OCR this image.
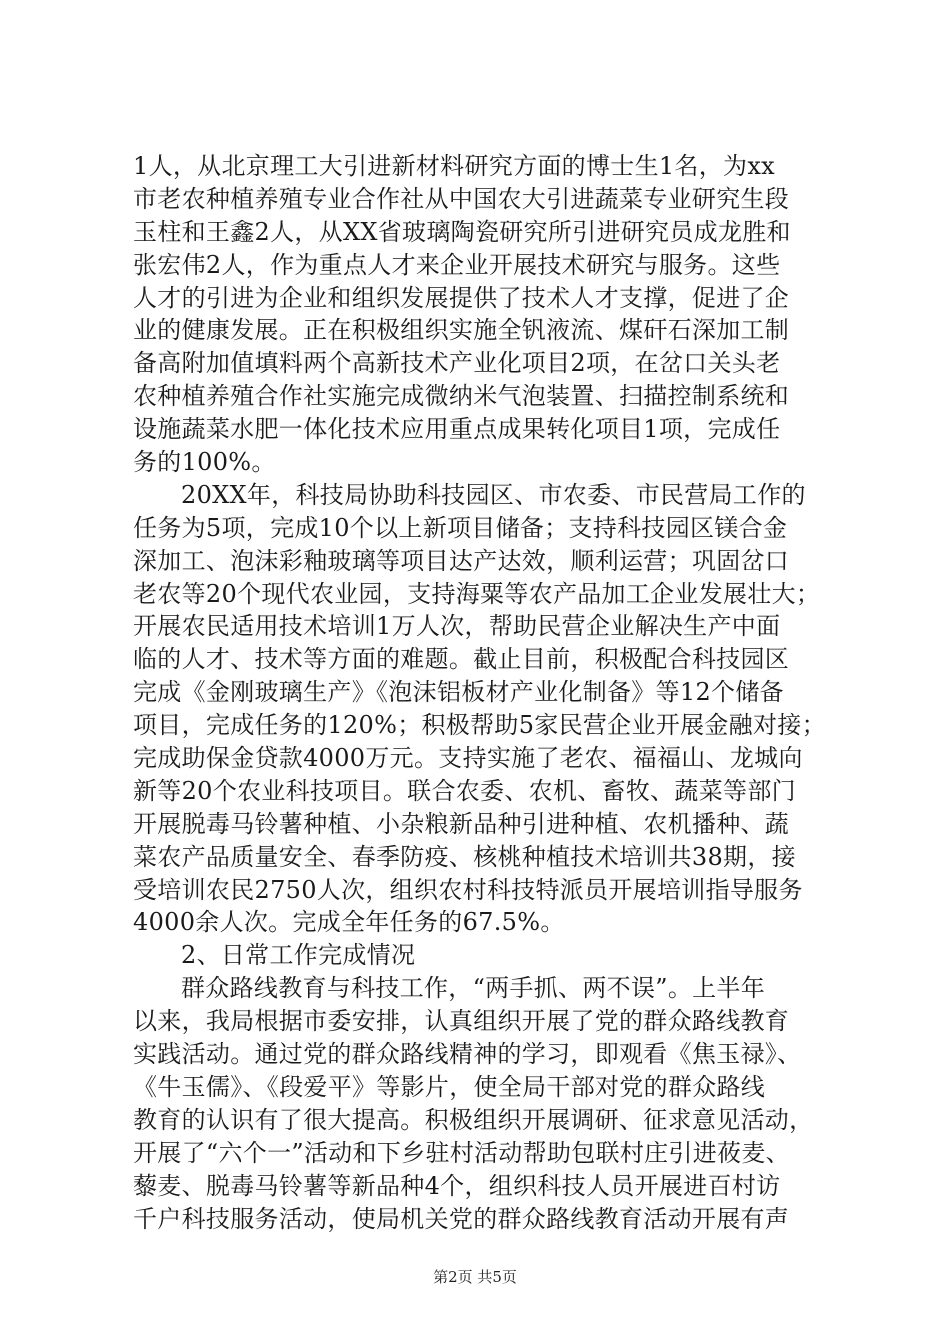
1人，从北京理工大引进新材料研究方面的博士生1名，为xx
市老农种植养殖专业合作社从中国农大引进蔬菜专业研究生段
玉柱和王鑫2人，从XX省玻璃陶瓷研究所引进研究员成龙胜和
张宏伟2人，作为重点人才来企业开展技术研究与服务。这些
人才的引进为企业和组织发展提供了技术人才支撑，促进了企
业的健康发展。正在积极组织实施全钒液流、煤矸石深加工制
备高附加值填料两个高新技术产业化项目2项，在岔口关头老
农种植养殖合作社实施完成微纳米气泡装置、扫描控制系统和
设施蔬菜水肥一体化技术应用重点成果转化项目1项，完成任
务的100%。
20XX年，科技局协助科技园区、市农委、市民营局工作的
任务为5项，完成10个以上新项目储备；支持科技园区镁合金
深加工、泡沫彩釉玻璃等项目达产达效，顺利运营；巩固岔口
老农等20个现代农业园，支持海粟等农产品加工企业发展壮大；
开展农民适用技术培训1万人次，帮助民营企业解决生产中面
临的人才、技术等方面的难题。截止目前，积极配合科技园区
完成《金刚玻璃生产》《泡沫铝板材产业化制备》等12个储备
项目，完成任务的120%；积极帮助5家民营企业开展金融对接；
完成助保金贷款4000万元。支持实施了老农、福福山、龙城向
新等20个农业科技项目。联合农委、农机、畜牧、蔬菜等部门
开展脱毒马铃薯种植、小杂粮新品种引进种植、农机播种、蔬
菜农产品质量安全、春季防疫、核桃种植技术培训共38期，接
受培训农民2750人次，组织农村科技特派员开展培训指导服务
4000余人次。完成全年任务的67.5%。
2、日常工作完成情况
群众路线教育与科技工作，“两手抓、两不误”。上半年
以来，我局根据市委安排，认真组织开展了党的群众路线教育
实践活动。通过党的群众路线精神的学习，即观看《焦玉禄》、
《牛玉儒》、《段爱平》等影片，使全局干部对党的群众路线
教育的认识有了很大提高。积极组织开展调研、征求意见活动，
开展了“六个一”活动和下乡驻村活动帮助包联村庄引进莜麦、
藜麦、脱毒马铃薯等新品种4个，组织科技人员开展进百村访
千户科技服务活动，使局机关党的群众路线教育活动开展有声
第2页 共5页
